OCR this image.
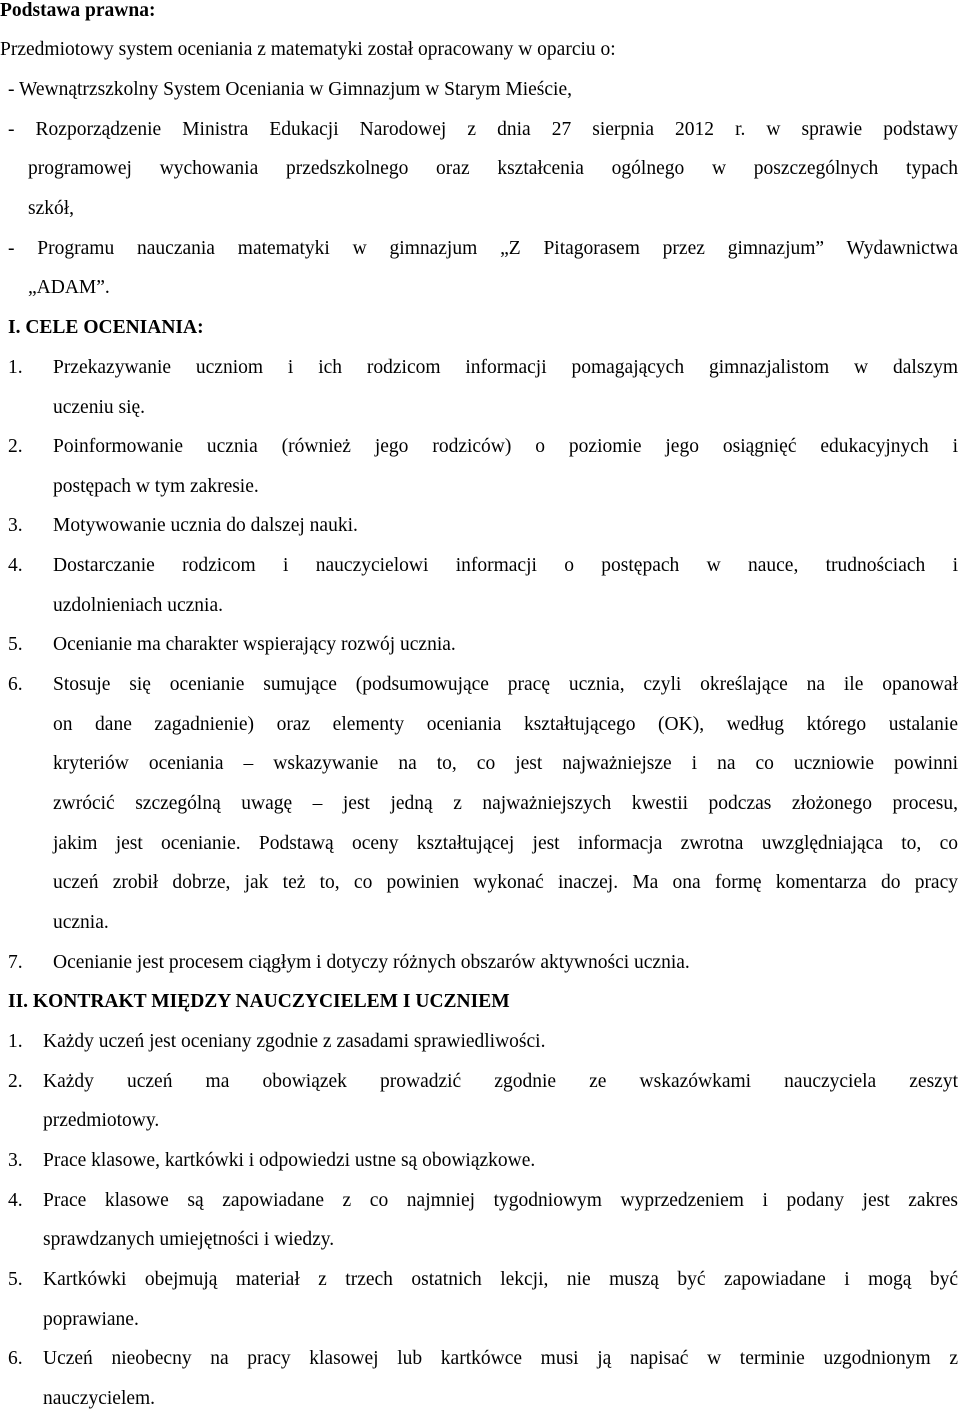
Podstawa prawna:
Przedmiotowy system oceniania z matematyki został opracowany w oparciu o:
- Wewnątrzszkolny System Oceniania w Gimnazjum w Starym Mieście,
- Rozporządzenie Ministra Edukacji Narodowej z dnia 27 sierpnia 2012 r. w sprawie podstawy
programowej wychowania przedszkolnego oraz kształcenia ogólnego w poszczególnych typach
szkół,
- Programu nauczania matematyki w gimnazjum „Z Pitagorasem przez gimnazjum” Wydawnictwa
„ADAM”.
I. CELE OCENIANIA:
1. Przekazywanie uczniom i ich rodzicom informacji pomagających gimnazjalistom w dalszym
uczeniu się.
2. Poinformowanie ucznia (również jego rodziców) o poziomie jego osiągnięć edukacyjnych i
postępach w tym zakresie.
3. Motywowanie ucznia do dalszej nauki.
4. Dostarczanie rodzicom i nauczycielowi informacji o postępach w nauce, trudnościach i
uzdolnieniach ucznia.
5. Ocenianie ma charakter wspierający rozwój ucznia.
6. Stosuje się ocenianie sumujące (podsumowujące pracę ucznia, czyli określające na ile opanował
on dane zagadnienie) oraz elementy oceniania kształtującego (OK), według którego ustalanie
kryteriów oceniania – wskazywanie na to, co jest najważniejsze i na co uczniowie powinni
zwrócić szczególną uwagę – jest jedną z najważniejszych kwestii podczas złożonego procesu,
jakim jest ocenianie. Podstawą oceny kształtującej jest informacja zwrotna uwzględniająca to, co
uczeń zrobił dobrze, jak też to, co powinien wykonać inaczej. Ma ona formę komentarza do pracy
ucznia.
7. Ocenianie jest procesem ciągłym i dotyczy różnych obszarów aktywności ucznia.
II. KONTRAKT MIĘDZY NAUCZYCIELEM I UCZNIEM
1. Każdy uczeń jest oceniany zgodnie z zasadami sprawiedliwości.
2. Każdy uczeń ma obowiązek prowadzić zgodnie ze wskazówkami nauczyciela zeszyt
przedmiotowy.
3. Prace klasowe, kartkówki i odpowiedzi ustne są obowiązkowe.
4. Prace klasowe są zapowiadane z co najmniej tygodniowym wyprzedzeniem i podany jest zakres
sprawdzanych umiejętności i wiedzy.
5. Kartkówki obejmują materiał z trzech ostatnich lekcji, nie muszą być zapowiadane i mogą być
poprawiane.
6. Uczeń nieobecny na pracy klasowej lub kartkówce musi ją napisać w terminie uzgodnionym z
nauczycielem.
